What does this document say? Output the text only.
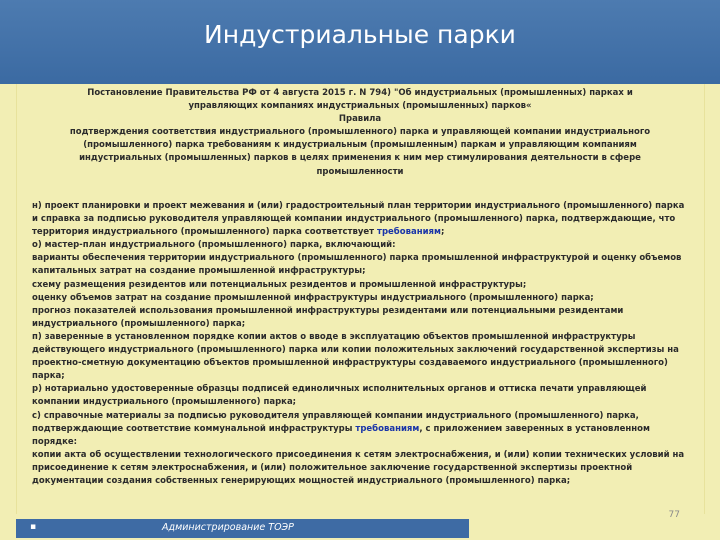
Индустриальные парки
Постановление Правительства РФ от 4 августа 2015 г. N 794) "Об индустриальных (промышленных) парках и
управляющих компаниях индустриальных (промышленных) парков«
Правила
подтверждения соответствия индустриального (промышленного) парка и управляющей компании индустриального
(промышленного) парка требованиям к индустриальным (промышленным) паркам и управляющим компаниям
индустриальных (промышленных) парков в целях применения к ним мер стимулирования деятельности в сфере
промышленности

н) проект планировки и проект межевания и (или) градостроительный план территории индустриального (промышленного) парка и справка за подписью руководителя управляющей компании индустриального (промышленного) парка, подтверждающие, что территория индустриального (промышленного) парка соответствует требованиям;

о) мастер-план индустриального (промышленного) парка, включающий:

варианты обеспечения территории индустриального (промышленного) парка промышленной инфраструктурой и оценку объемов капитальных затрат на создание промышленной инфраструктуры;

схему размещения резидентов или потенциальных резидентов и промышленной инфраструктуры;

оценку объемов затрат на создание промышленной инфраструктуры индустриального (промышленного) парка;

прогноз показателей использования промышленной инфраструктуры резидентами или потенциальными резидентами индустриального (промышленного) парка;

п) заверенные в установленном порядке копии актов о вводе в эксплуатацию объектов промышленной инфраструктуры действующего индустриального (промышленного) парка или копии положительных заключений государственной экспертизы на проектно-сметную документацию объектов промышленной инфраструктуры создаваемого индустриального (промышленного) парка;

р) нотариально удостоверенные образцы подписей единоличных исполнительных органов и оттиска печати управляющей компании индустриального (промышленного) парка;

с) справочные материалы за подписью руководителя управляющей компании индустриального (промышленного) парка, подтверждающие соответствие коммунальной инфраструктуры требованиям, с приложением заверенных в установленном порядке:

копии акта об осуществлении технологического присоединения к сетям электроснабжения, и (или) копии технических условий на присоединение к сетям электроснабжения, и (или) положительное заключение государственной экспертизы проектной документации создания собственных генерирующих мощностей индустриального (промышленного) парка;

77
▪	Администрирование ТОЭР
